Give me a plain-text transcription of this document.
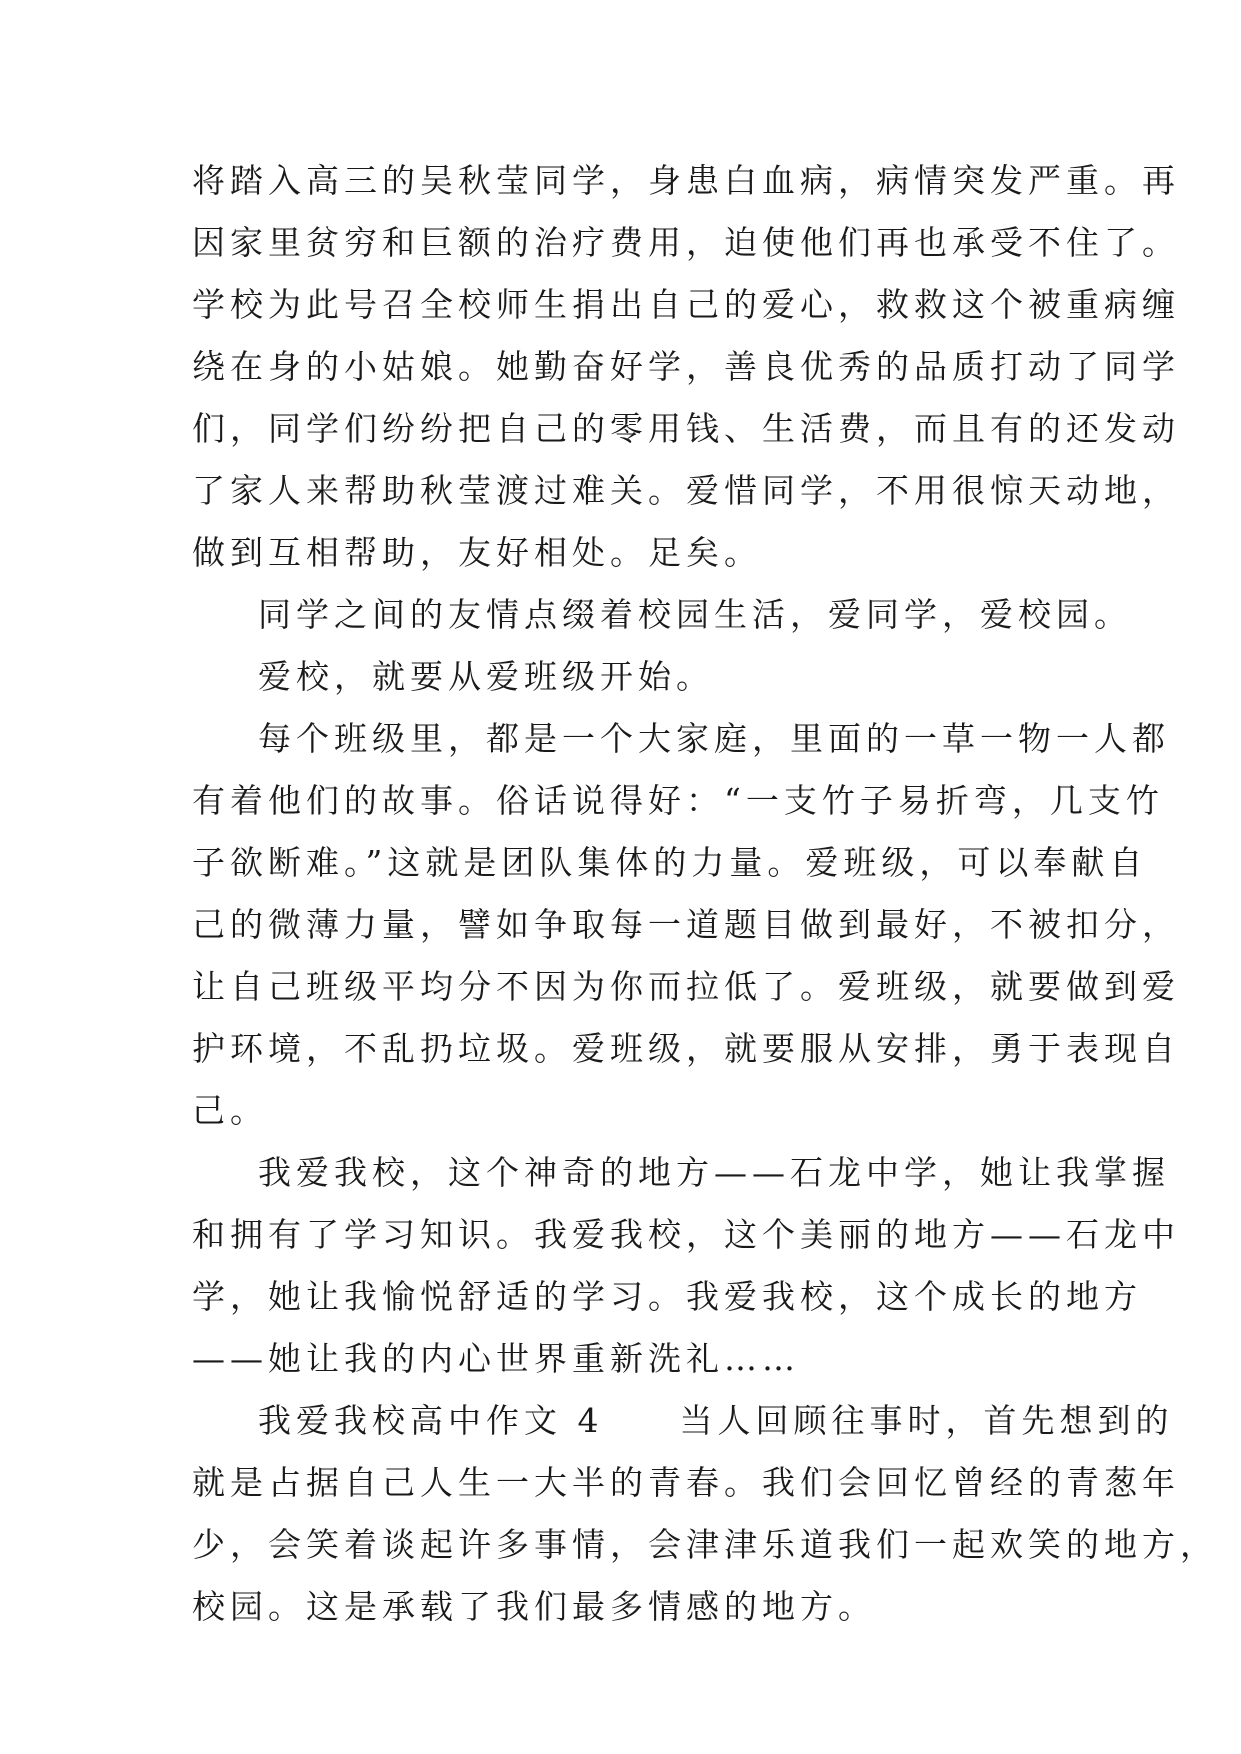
将踏入高三的吴秋莹同学，身患白血病，病情突发严重。再
因家里贫穷和巨额的治疗费用，迫使他们再也承受不住了。
学校为此号召全校师生捐出自己的爱心，救救这个被重病缠
绕在身的小姑娘。她勤奋好学，善良优秀的品质打动了同学
们，同学们纷纷把自己的零用钱、生活费，而且有的还发动
了家人来帮助秋莹渡过难关。爱惜同学，不用很惊天动地，
做到互相帮助，友好相处。足矣。
同学之间的友情点缀着校园生活，爱同学，爱校园。
爱校，就要从爱班级开始。
每个班级里，都是一个大家庭，里面的一草一物一人都
有着他们的故事。俗话说得好：“一支竹子易折弯，几支竹
子欲断难。”这就是团队集体的力量。爱班级，可以奉献自
己的微薄力量，譬如争取每一道题目做到最好，不被扣分，
让自己班级平均分不因为你而拉低了。爱班级，就要做到爱
护环境，不乱扔垃圾。爱班级，就要服从安排，勇于表现自
己。
我爱我校，这个神奇的地方——石龙中学，她让我掌握
和拥有了学习知识。我爱我校，这个美丽的地方——石龙中
学，她让我愉悦舒适的学习。我爱我校，这个成长的地方
——她让我的内心世界重新洗礼……
我爱我校高中作文 4　　当人回顾往事时，首先想到的
就是占据自己人生一大半的青春。我们会回忆曾经的青葱年
少，会笑着谈起许多事情，会津津乐道我们一起欢笑的地方，
校园。这是承载了我们最多情感的地方。
